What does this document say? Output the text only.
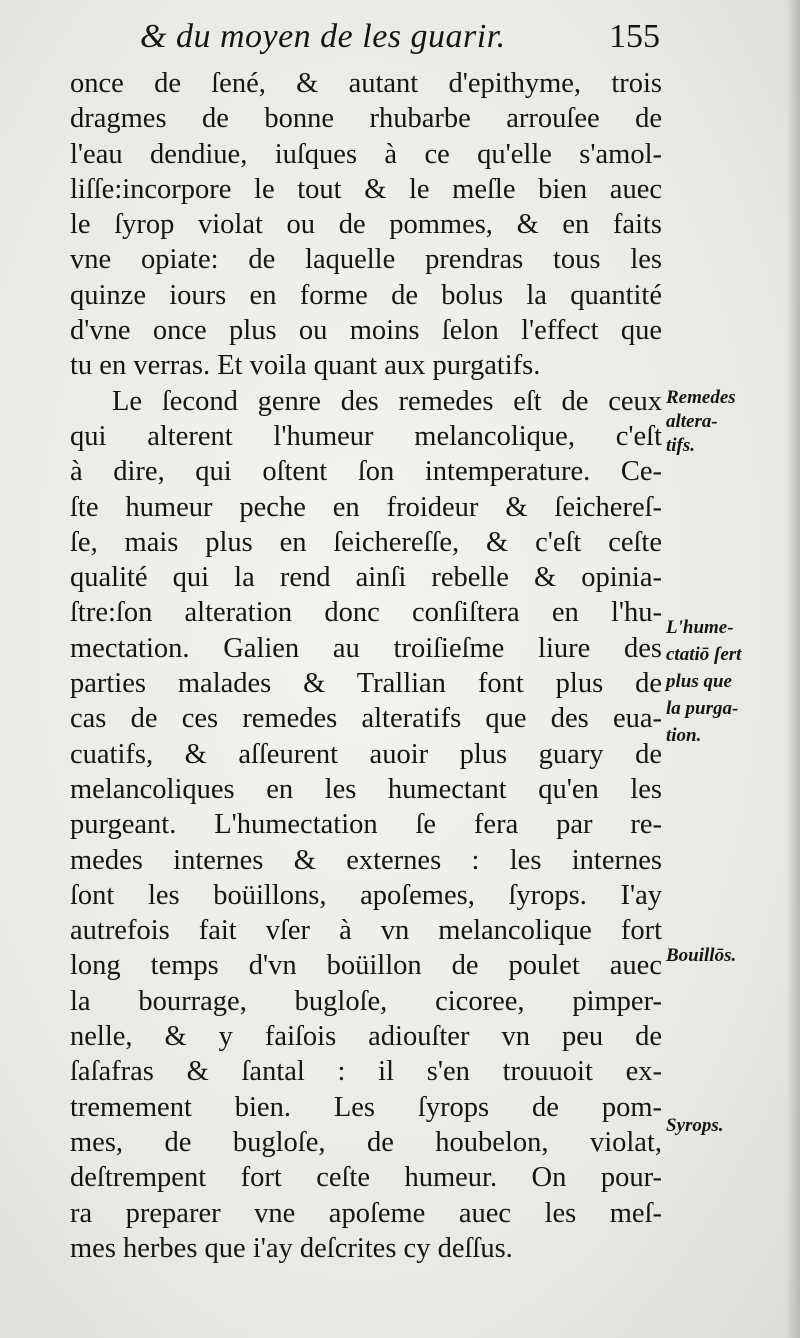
& du moyen de les guarir.	155
once de ſené, & autant d'epithyme, trois
dragmes de bonne rhubarbe arrouſee de
l'eau dendiue, iuſques à ce qu'elle s'amol-
liſſe:incorpore le tout & le meſle bien auec
le ſyrop violat ou de pommes, & en faits
vne opiate: de laquelle prendras tous les
quinze iours en forme de bolus la quantité
d'vne once plus ou moins ſelon l'effect que
tu en verras. Et voila quant aux purgatifs.
Le ſecond genre des remedes eſt de ceux
qui alterent l'humeur melancolique, c'eſt
à dire, qui oſtent ſon intemperature. Ce-
ſte humeur peche en froideur & ſeichereſ-
ſe, mais plus en ſeichereſſe, & c'eſt ceſte
qualité qui la rend ainſi rebelle & opinia-
ſtre:ſon alteration donc conſiſtera en l'hu-
mectation. Galien au troiſieſme liure des
parties malades & Trallian font plus de
cas de ces remedes alteratifs que des eua-
cuatifs, & aſſeurent auoir plus guary de
melancoliques en les humectant qu'en les
purgeant. L'humectation ſe fera par re-
medes internes & externes : les internes
ſont les boüillons, apoſemes, ſyrops. I'ay
autrefois fait vſer à vn melancolique fort
long temps d'vn boüillon de poulet auec
la bourrage, bugloſe, cicoree, pimper-
nelle, & y faiſois adiouſter vn peu de
ſaſafras & ſantal : il s'en trouuoit ex-
tremement bien. Les ſyrops de pom-
mes, de bugloſe, de houbelon, violat,
deſtrempent fort ceſte humeur. On pour-
ra preparer vne apoſeme auec les meſ-
mes herbes que i'ay deſcrites cy deſſus.
Remedes
altera-
tifs.
L'hume-
ctatiō ſert
plus que
la purga-
tion.
Bouillōs.
Syrops.
